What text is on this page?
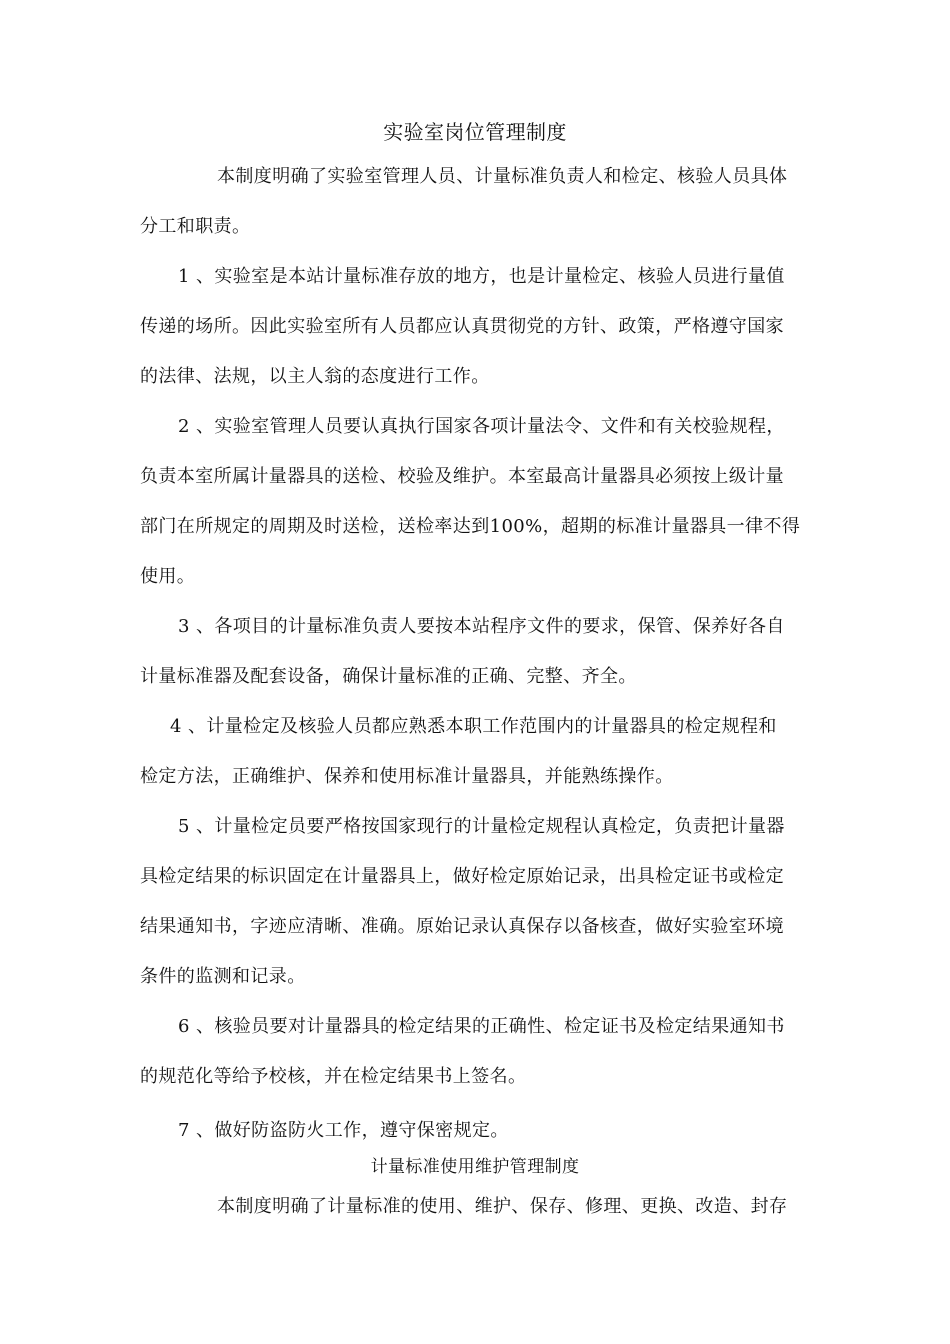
实验室岗位管理制度
本制度明确了实验室管理人员、计量标准负责人和检定、核验人员具体
分工和职责。
1 、实验室是本站计量标准存放的地方，也是计量检定、核验人员进行量值
传递的场所。因此实验室所有人员都应认真贯彻党的方针、政策，严格遵守国家
的法律、法规，以主人翁的态度进行工作。
2 、实验室管理人员要认真执行国家各项计量法令、文件和有关校验规程，
负责本室所属计量器具的送检、校验及维护。本室最高计量器具必须按上级计量
部门在所规定的周期及时送检，送检率达到100%，超期的标准计量器具一律不得
使用。
3 、各项目的计量标准负责人要按本站程序文件的要求，保管、保养好各自
计量标准器及配套设备，确保计量标准的正确、完整、齐全。
4 、计量检定及核验人员都应熟悉本职工作范围内的计量器具的检定规程和
检定方法，正确维护、保养和使用标准计量器具，并能熟练操作。
5 、计量检定员要严格按国家现行的计量检定规程认真检定，负责把计量器
具检定结果的标识固定在计量器具上，做好检定原始记录，出具检定证书或检定
结果通知书，字迹应清晰、准确。原始记录认真保存以备核查，做好实验室环境
条件的监测和记录。
6 、核验员要对计量器具的检定结果的正确性、检定证书及检定结果通知书
的规范化等给予校核，并在检定结果书上签名。
7 、做好防盗防火工作，遵守保密规定。
计量标准使用维护管理制度
本制度明确了计量标准的使用、维护、保存、修理、更换、改造、封存
